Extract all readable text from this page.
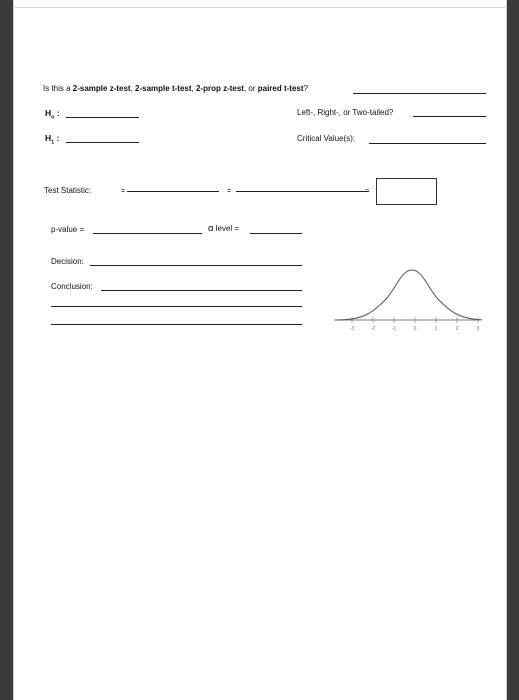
Is this a 2-sample z-test, 2-sample t-test, 2-prop z-test, or paired t-test?
$H_o$ :	Left-, Right-, or Two-tailed?
$H_1$ :	Critical Value(s):
Test Statistic:	=	=	=
p-value =	α level =
Decision:
Conclusion:
-3	-2	-1	0	1	2	3
.
